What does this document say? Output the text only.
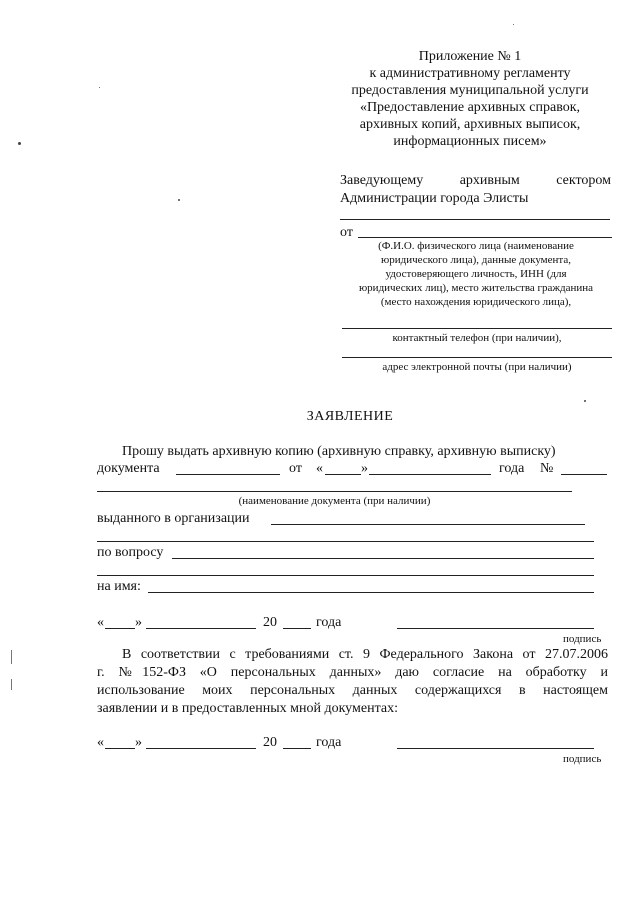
Приложение № 1
к административному регламенту
предоставления муниципальной услуги
«Предоставление архивных справок,
архивных копий, архивных выписок,
информационных писем»
Заведующему	архивным	сектором
Администрации города Элисты
от
(Ф.И.О. физического лица (наименование
юридического лица), данные документа,
удостоверяющего личность, ИНН (для
юридических лиц), место жительства гражданина
(место нахождения юридического лица),
контактный телефон (при наличии),
адрес электронной почты (при наличии)
ЗАЯВЛЕНИЕ
Прошу выдать архивную копию (архивную справку, архивную выписку)
документа	от «	»	года №
(наименование документа (при наличии)
выданного в организации
по вопросу
на имя:
« »	20	года
подпись
В соответствии с требованиями ст. 9 Федерального Закона от 27.07.2006
г. №152-ФЗ «О персональных данных» даю согласие на обработку и
использование моих персональных данных содержащихся в настоящем
заявлении и в предоставленных мной документах:
« »	20	года
подпись
